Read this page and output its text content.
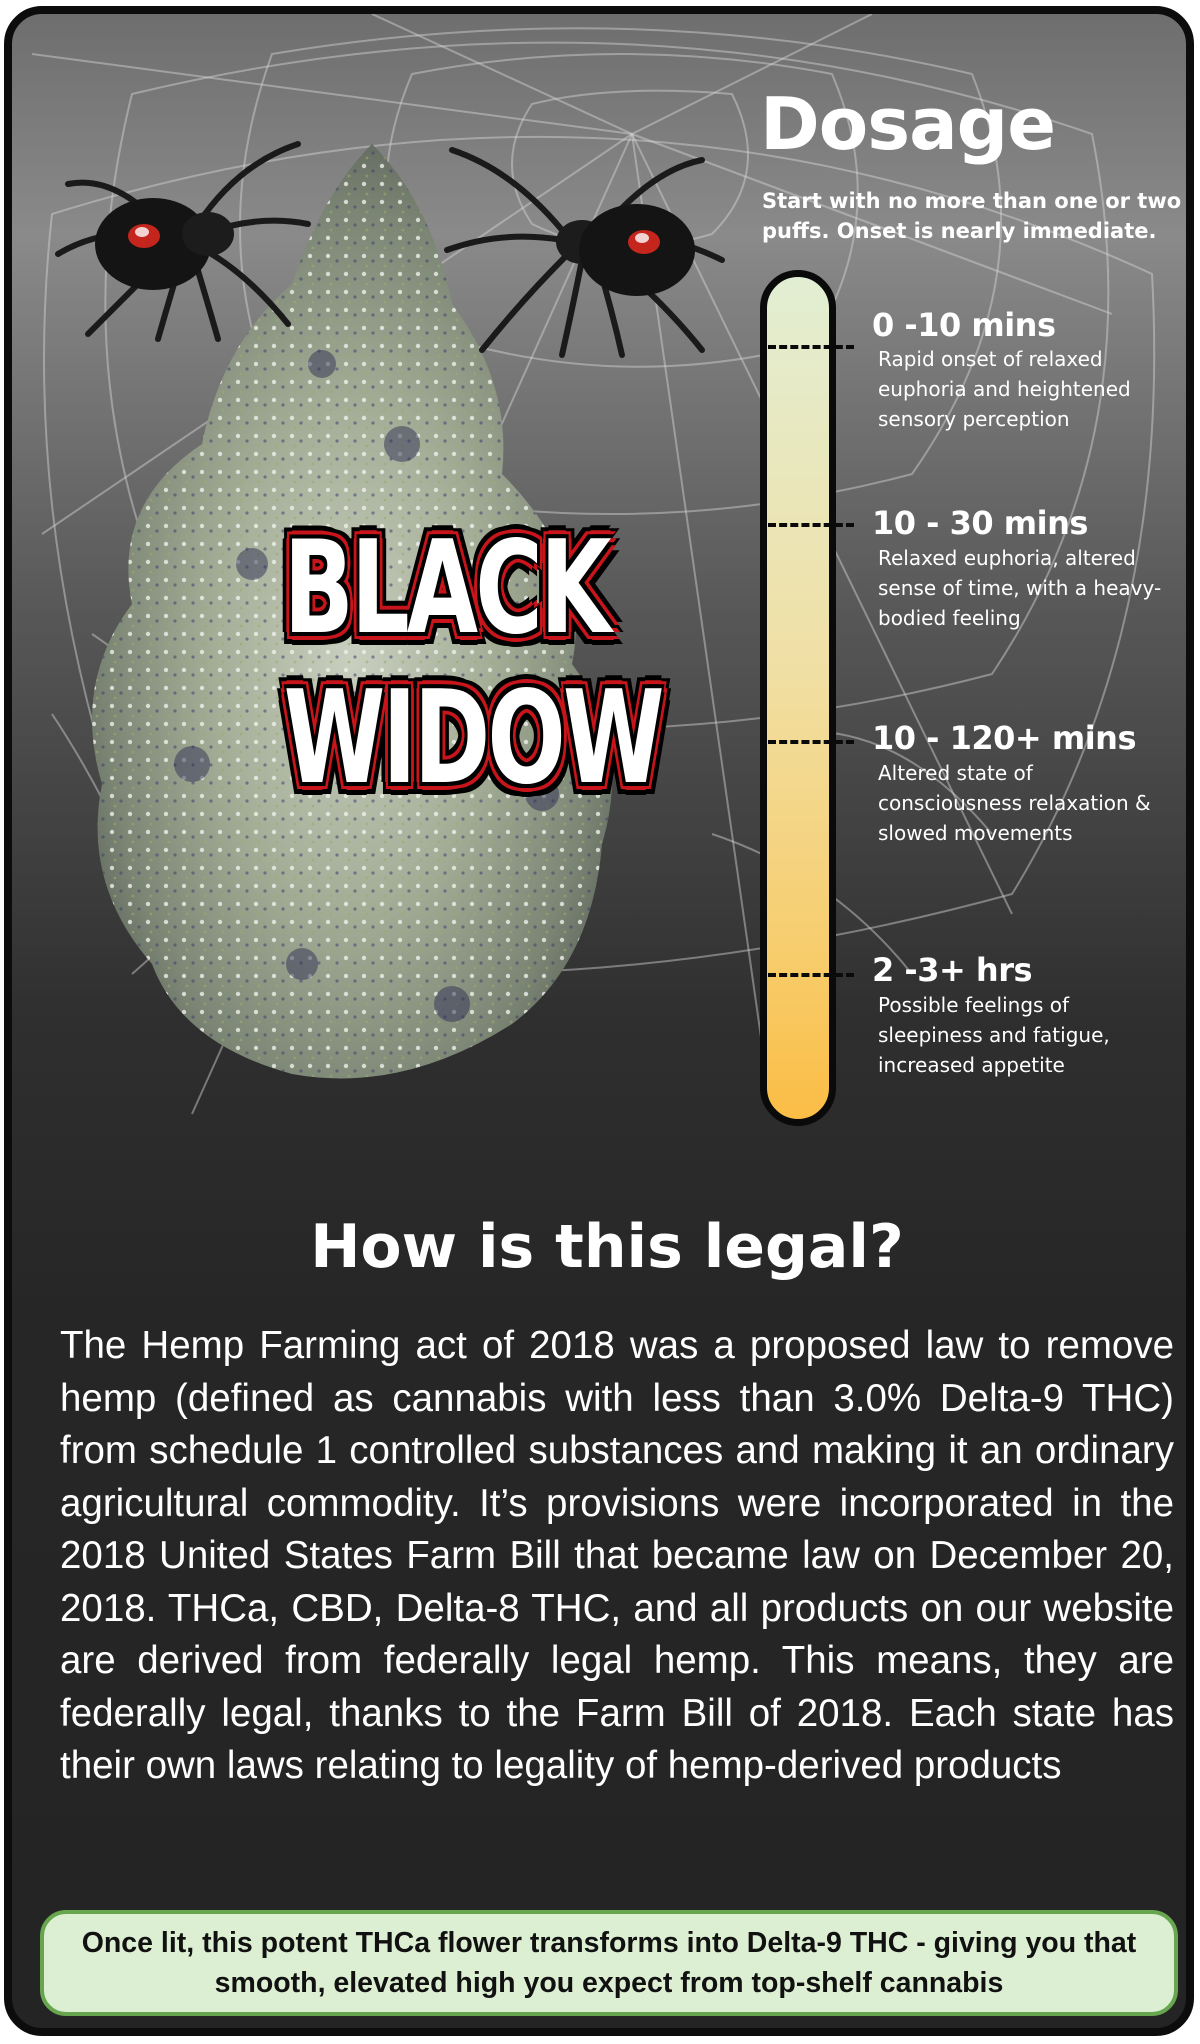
BLACK
WIDOW
Dosage
Start with no more than one or two puffs. Onset is nearly immediate.
0 -10 mins
Rapid onset of relaxed euphoria and heightened sensory perception
10 - 30 mins
Relaxed euphoria, altered sense of time, with a heavy-bodied feeling
10 - 120+ mins
Altered state of consciousness relaxation & slowed movements
2 -3+ hrs
Possible feelings of sleepiness and fatigue, increased appetite
How is this legal?
The Hemp Farming act of 2018 was a proposed law to remove hemp (defined as cannabis with less than 3.0% Delta-9 THC) from schedule 1 controlled substances and making it an ordinary agricultural commodity. It’s provisions were incorporated in the 2018 United States Farm Bill that became law on December 20, 2018. THCa, CBD, Delta-8 THC, and all products on our website are derived from federally legal hemp. This means, they are federally legal, thanks to the Farm Bill of 2018. Each state has their own laws relating to legality of hemp-derived products
Once lit, this potent THCa flower transforms into Delta-9 THC - giving you that smooth, elevated high you expect from top-shelf cannabis
